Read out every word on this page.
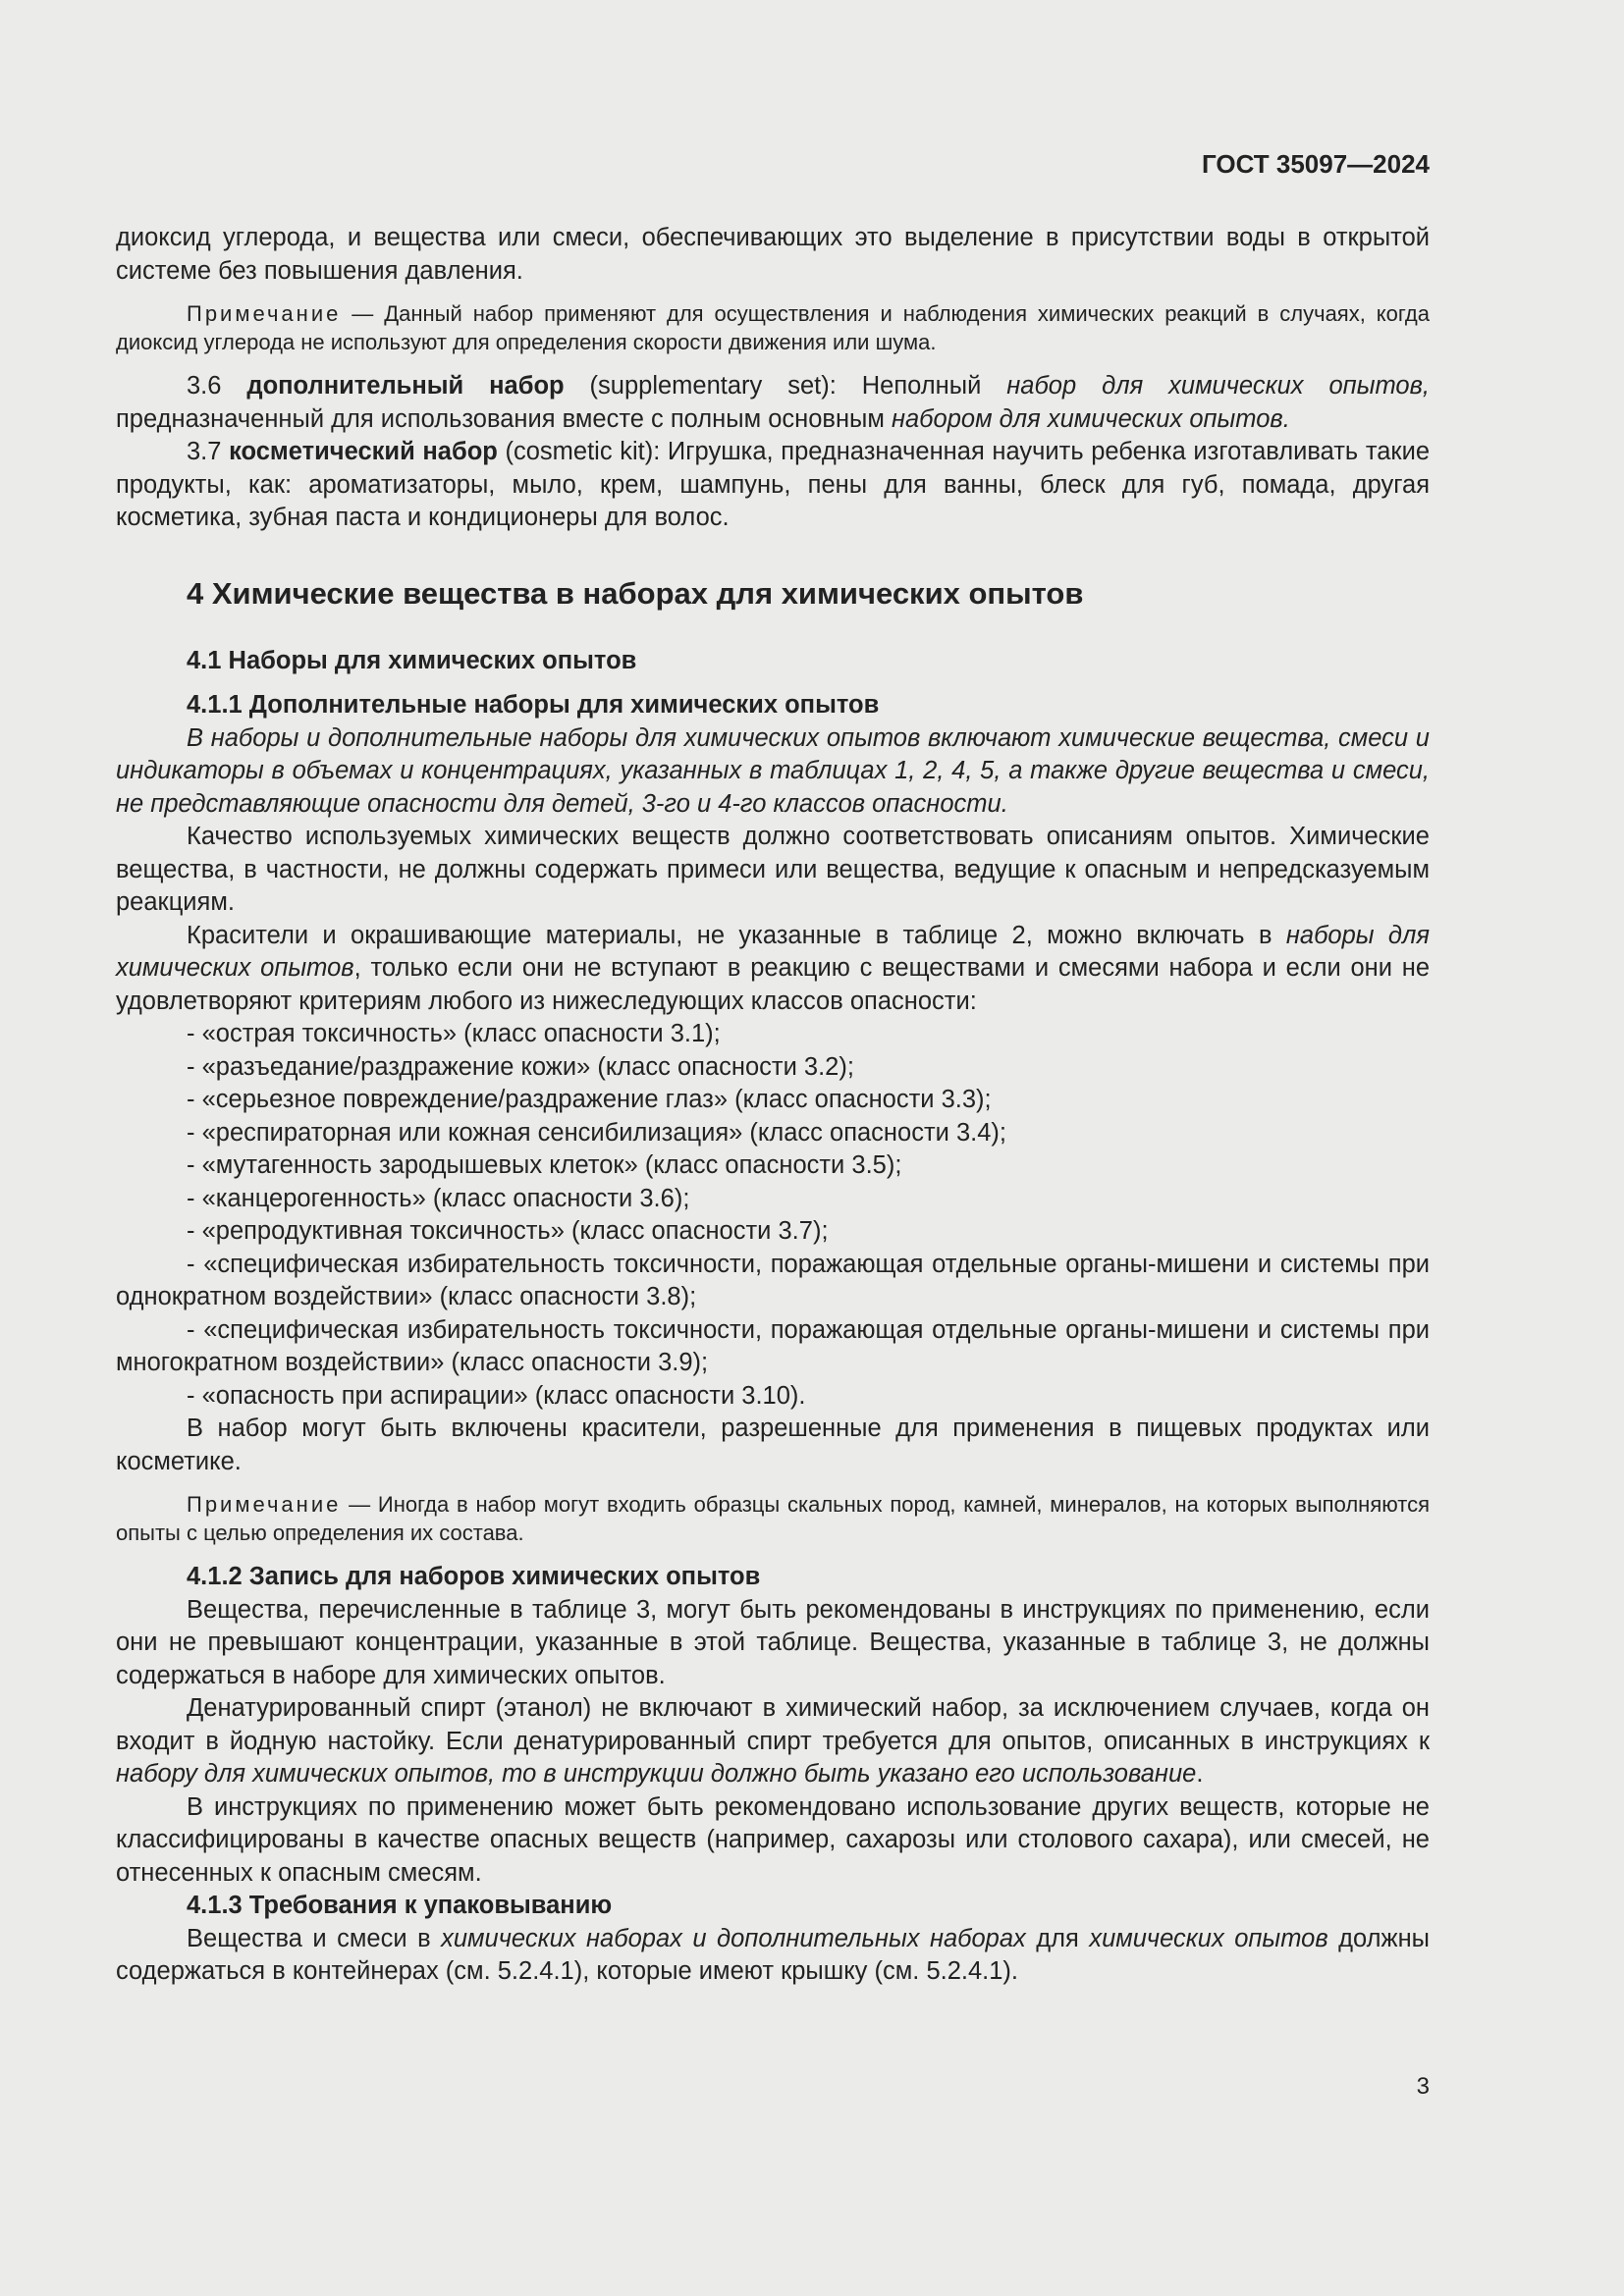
ГОСТ 35097—2024

диоксид углерода, и вещества или смеси, обеспечивающих это выделение в присутствии воды в открытой системе без повышения давления.

Примечание — Данный набор применяют для осуществления и наблюдения химических реакций в случаях, когда диоксид углерода не используют для определения скорости движения или шума.

3.6 дополнительный набор (supplementary set): Неполный набор для химических опытов, предназначенный для использования вместе с полным основным набором для химических опытов.

3.7 косметический набор (cosmetic kit): Игрушка, предназначенная научить ребенка изготавливать такие продукты, как: ароматизаторы, мыло, крем, шампунь, пены для ванны, блеск для губ, помада, другая косметика, зубная паста и кондиционеры для волос.

4 Химические вещества в наборах для химических опытов
4.1 Наборы для химических опытов
4.1.1 Дополнительные наборы для химических опытов

В наборы и дополнительные наборы для химических опытов включают химические вещества, смеси и индикаторы в объемах и концентрациях, указанных в таблицах 1, 2, 4, 5, а также другие вещества и смеси, не представляющие опасности для детей, 3-го и 4-го классов опасности.

Качество используемых химических веществ должно соответствовать описаниям опытов. Химические вещества, в частности, не должны содержать примеси или вещества, ведущие к опасным и непредсказуемым реакциям.

Красители и окрашивающие материалы, не указанные в таблице 2, можно включать в наборы для химических опытов, только если они не вступают в реакцию с веществами и смесями набора и если они не удовлетворяют критериям любого из нижеследующих классов опасности:

- «острая токсичность» (класс опасности 3.1);
- «разъедание/раздражение кожи» (класс опасности 3.2);
- «серьезное повреждение/раздражение глаз» (класс опасности 3.3);
- «респираторная или кожная сенсибилизация» (класс опасности 3.4);
- «мутагенность зародышевых клеток» (класс опасности 3.5);
- «канцерогенность» (класс опасности 3.6);
- «репродуктивная токсичность» (класс опасности 3.7);
- «специфическая избирательность токсичности, поражающая отдельные органы-мишени и системы при однократном воздействии» (класс опасности 3.8);
- «специфическая избирательность токсичности, поражающая отдельные органы-мишени и системы при многократном воздействии» (класс опасности 3.9);
- «опасность при аспирации» (класс опасности 3.10).

В набор могут быть включены красители, разрешенные для применения в пищевых продуктах или косметике.

Примечание — Иногда в набор могут входить образцы скальных пород, камней, минералов, на которых выполняются опыты с целью определения их состава.

4.1.2 Запись для наборов химических опытов

Вещества, перечисленные в таблице 3, могут быть рекомендованы в инструкциях по применению, если они не превышают концентрации, указанные в этой таблице. Вещества, указанные в таблице 3, не должны содержаться в наборе для химических опытов.

Денатурированный спирт (этанол) не включают в химический набор, за исключением случаев, когда он входит в йодную настойку. Если денатурированный спирт требуется для опытов, описанных в инструкциях к набору для химических опытов, то в инструкции должно быть указано его использование.

В инструкциях по применению может быть рекомендовано использование других веществ, которые не классифицированы в качестве опасных веществ (например, сахарозы или столового сахара), или смесей, не отнесенных к опасным смесям.

4.1.3 Требования к упаковыванию

Вещества и смеси в химических наборах и дополнительных наборах для химических опытов должны содержаться в контейнерах (см. 5.2.4.1), которые имеют крышку (см. 5.2.4.1).

3
